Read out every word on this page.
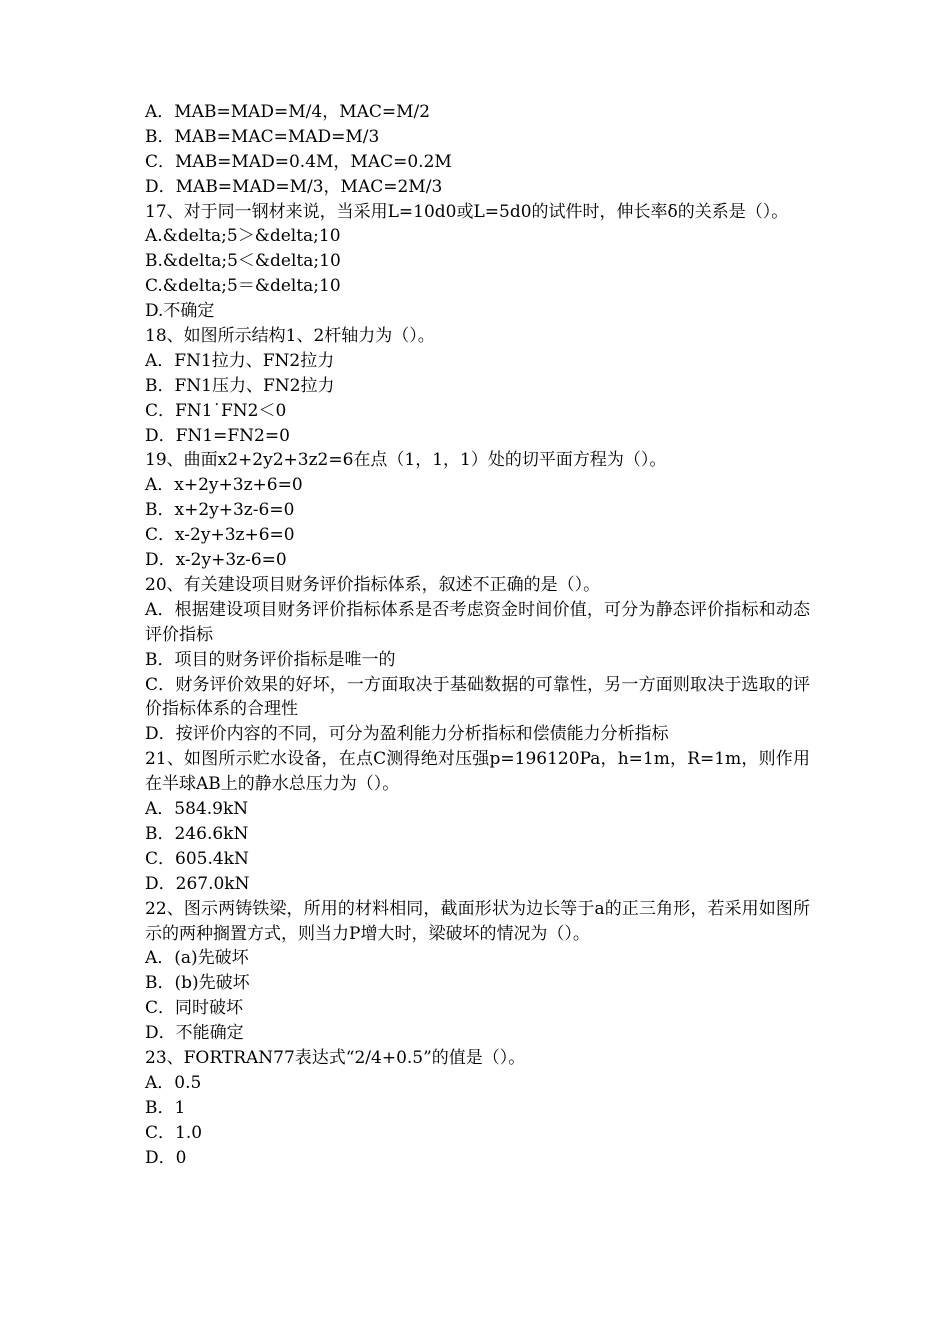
A．MAB=MAD=M/4，MAC=M/2
B．MAB=MAC=MAD=M/3
C．MAB=MAD=0.4M，MAC=0.2M
D．MAB=MAD=M/3，MAC=2M/3
17、对于同一钢材来说，当采用L=10d0或L=5d0的试件时，伸长率δ的关系是（）。
A.&delta;5＞&delta;10
B.&delta;5＜&delta;10
C.&delta;5＝&delta;10
D.不确定
18、如图所示结构1、2杆轴力为（）。
A．FN1拉力、FN2拉力
B．FN1压力、FN2拉力
C．FN1˙FN2＜0
D．FN1=FN2=0
19、曲面x2+2y2+3z2=6在点（1，1，1）处的切平面方程为（）。
A．x+2y+3z+6=0
B．x+2y+3z-6=0
C．x-2y+3z+6=0
D．x-2y+3z-6=0
20、有关建设项目财务评价指标体系，叙述不正确的是（）。
A．根据建设项目财务评价指标体系是否考虑资金时间价值，可分为静态评价指标和动态评价指标
B．项目的财务评价指标是唯一的
C．财务评价效果的好坏，一方面取决于基础数据的可靠性，另一方面则取决于选取的评价指标体系的合理性
D．按评价内容的不同，可分为盈利能力分析指标和偿债能力分析指标
21、如图所示贮水设备，在点C测得绝对压强p=196120Pa，h=1m，R=1m，则作用在半球AB上的静水总压力为（）。
A．584.9kN
B．246.6kN
C．605.4kN
D．267.0kN
22、图示两铸铁梁，所用的材料相同，截面形状为边长等于a的正三角形，若采用如图所示的两种搁置方式，则当力P增大时，梁破坏的情况为（）。
A．(a)先破坏
B．(b)先破坏
C．同时破坏
D．不能确定
23、FORTRAN77表达式“2/4+0.5”的值是（）。
A．0.5
B．1
C．1.0
D．0
